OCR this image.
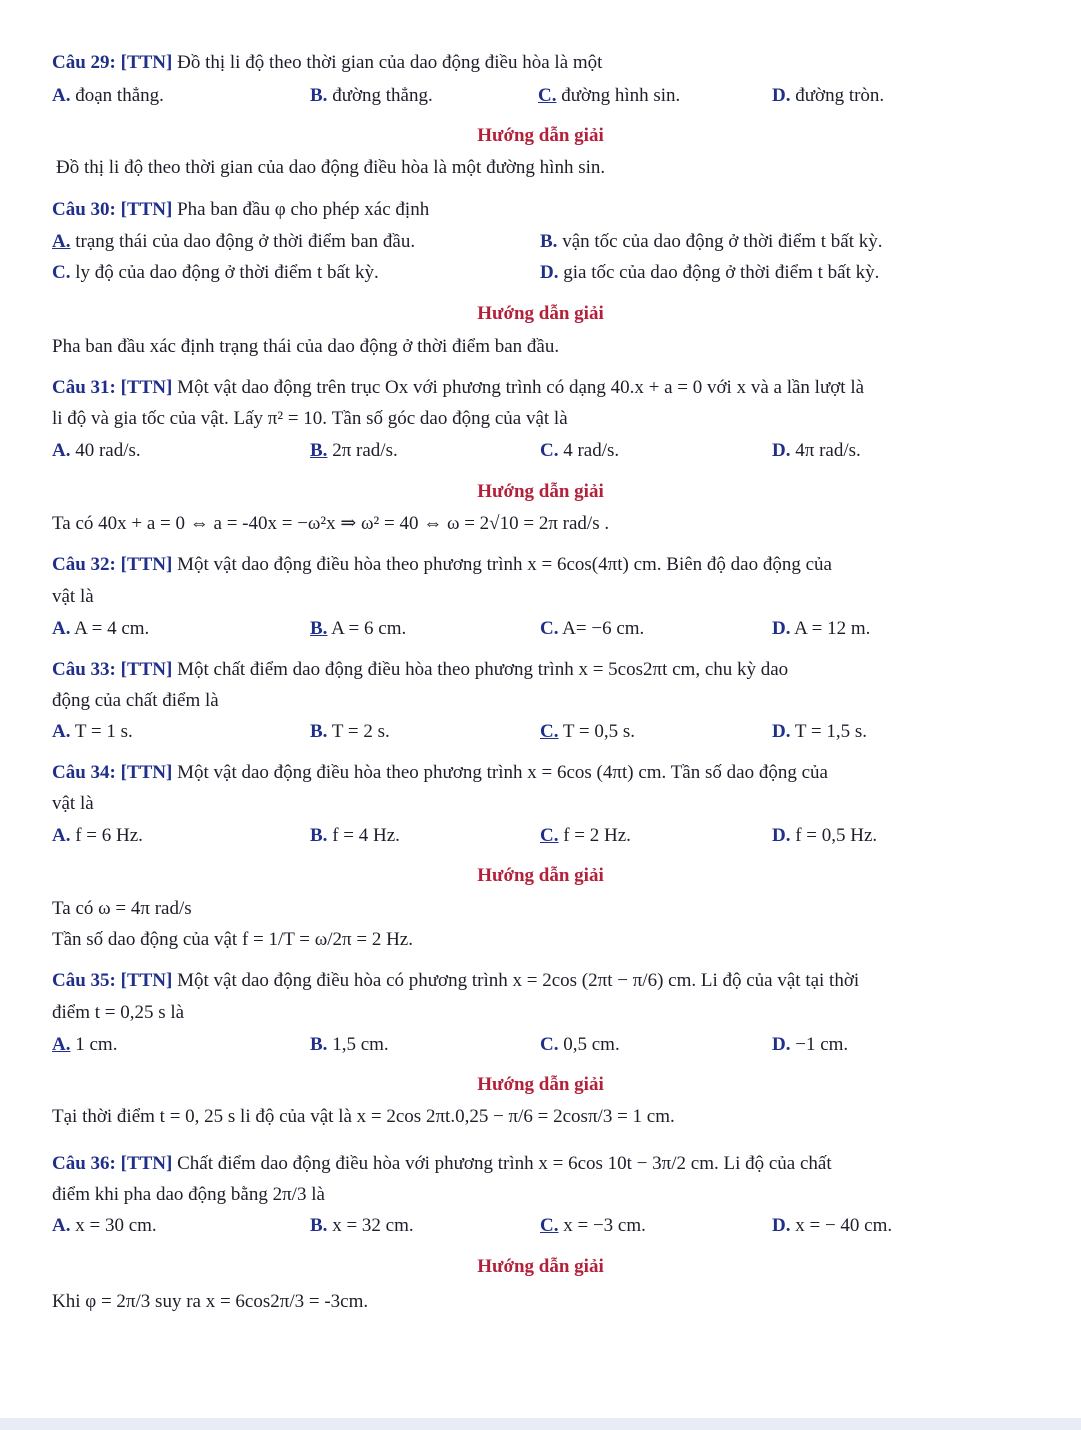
Câu 29: [TTN] Đồ thị li độ theo thời gian của dao động điều hòa là một
A. đoạn thẳng.	B. đường thẳng.	C. đường hình sin.	D. đường tròn.
Hướng dẫn giải
Đồ thị li độ theo thời gian của dao động điều hòa là một đường hình sin.
Câu 30: [TTN] Pha ban đầu φ cho phép xác định
A. trạng thái của dao động ở thời điểm ban đầu.	B. vận tốc của dao động ở thời điểm t bất kỳ.
C. ly độ của dao động ở thời điểm t bất kỳ.	D. gia tốc của dao động ở thời điểm t bất kỳ.
Hướng dẫn giải
Pha ban đầu xác định trạng thái của dao động ở thời điểm ban đầu.
Câu 31: [TTN] Một vật dao động trên trục Ox với phương trình có dạng 40.x + a = 0 với x và a lần lượt là
li độ và gia tốc của vật. Lấy π² = 10. Tần số góc dao động của vật là
A. 40 rad/s.	B. 2π rad/s.	C. 4 rad/s.	D. 4π rad/s.
Hướng dẫn giải
Ta có 40x + a = 0 ⇔ a = -40x = −ω²x ⇒ ω² = 40 ⇔ ω = 2√10 = 2π rad/s .
Câu 32: [TTN] Một vật dao động điều hòa theo phương trình x = 6cos(4πt) cm. Biên độ dao động của
vật là
A. A = 4 cm.	B. A = 6 cm.	C. A= −6 cm.	D. A = 12 m.
Câu 33: [TTN] Một chất điểm dao động điều hòa theo phương trình x = 5cos2πt cm, chu kỳ dao
động của chất điểm là
A. T = 1 s.	B. T = 2 s.	C. T = 0,5 s.	D. T = 1,5 s.
Câu 34: [TTN] Một vật dao động điều hòa theo phương trình x = 6cos (4πt) cm. Tần số dao động của
vật là
A. f = 6 Hz.	B. f = 4 Hz.	C. f = 2 Hz.	D. f = 0,5 Hz.
Hướng dẫn giải
Ta có ω = 4π rad/s
Tần số dao động của vật f = 1/T = ω/2π = 2 Hz.
Câu 35: [TTN] Một vật dao động điều hòa có phương trình x = 2cos (2πt − π/6) cm. Li độ của vật tại thời
điểm t = 0,25 s là
A. 1 cm.	B. 1,5 cm.	C. 0,5 cm.	D. −1 cm.
Hướng dẫn giải
Tại thời điểm t = 0, 25 s li độ của vật là x = 2cos 2πt.0,25 − π/6 = 2cosπ/3 = 1 cm.
Câu 36: [TTN] Chất điểm dao động điều hòa với phương trình x = 6cos 10t − 3π/2 cm. Li độ của chất
điểm khi pha dao động bằng 2π/3 là
A. x = 30 cm.	B. x = 32 cm.	C. x = −3 cm.	D. x = − 40 cm.
Hướng dẫn giải
Khi φ = 2π/3 suy ra x = 6cos2π/3 = -3cm.
